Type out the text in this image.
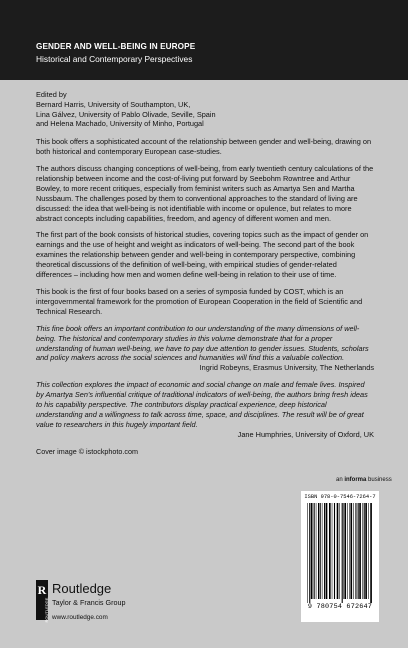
GENDER AND WELL-BEING IN EUROPE
Historical and Contemporary Perspectives
Edited by
Bernard Harris, University of Southampton, UK,
Lina Gálvez, University of Pablo Olivade, Seville, Spain
and Helena Machado, University of Minho, Portugal

This book offers a sophisticated account of the relationship between gender and well-being, drawing on both historical and contemporary European case-studies.

The authors discuss changing conceptions of well-being, from early twentieth century calculations of the relationship between income and the cost-of-living put forward by Seebohm Rowntree and Arthur Bowley, to more recent critiques, especially from feminist writers such as Amartya Sen and Martha Nussbaum. The challenges posed by them to conventional approaches to the standard of living are discussed: the idea that well-being is not identifiable with income or opulence, but relates to more abstract concepts including capabilities, freedom, and agency of different women and men.

The first part of the book consists of historical studies, covering topics such as the impact of gender on earnings and the use of height and weight as indicators of well-being. The second part of the book examines the relationship between gender and well-being in contemporary perspective, combining theoretical discussions of the definition of well-being, with empirical studies of gender-related differences – including how men and women define well-being in relation to their use of time.

This book is the first of four books based on a series of symposia funded by COST, which is an intergovernmental framework for the promotion of European Cooperation in the field of Scientific and Technical Research.

This fine book offers an important contribution to our understanding of the many dimensions of well-being. The historical and contemporary studies in this volume demonstrate that for a proper understanding of human well-being, we have to pay due attention to gender issues. Students, scholars and policy makers across the social sciences and humanities will find this a valuable collection.
Ingrid Robeyns, Erasmus University, The Netherlands

This collection explores the impact of economic and social change on male and female lives. Inspired by Amartya Sen's influential critique of traditional indicators of well-being, the authors bring fresh ideas to his capability perspective. The contributors display practical experience, deep historical understanding and a willingness to talk across time, space, and disciplines. The result will be of great value to researchers in this hugely important field.
Jane Humphries, University of Oxford, UK

Cover image © istockphoto.com
an informa business
ISBN 978-0-7546-7264-7
9 780754 672647
R
ROUTLEDGE
Routledge
Taylor & Francis Group
www.routledge.com
